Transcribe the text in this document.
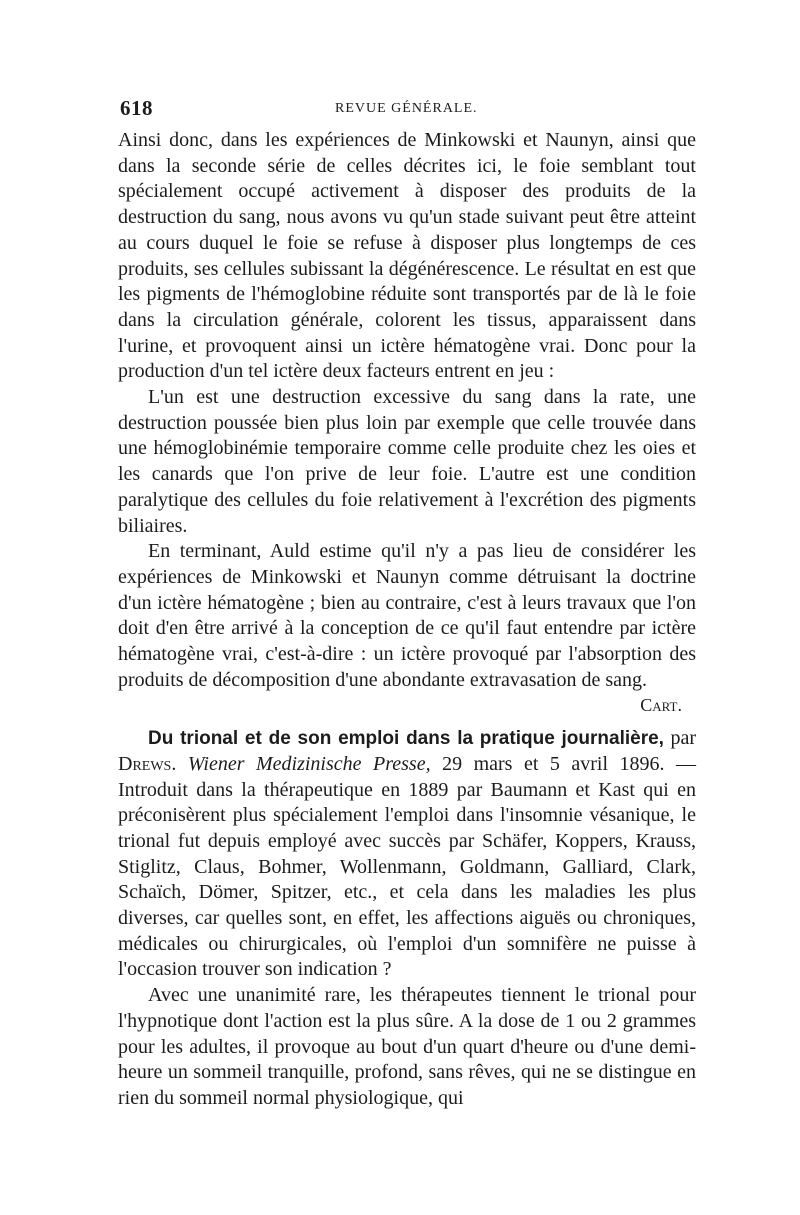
618	REVUE GÉNÉRALE.

Ainsi donc, dans les expériences de Minkowski et Naunyn, ainsi que dans la seconde série de celles décrites ici, le foie semblant tout spécialement occupé activement à disposer des produits de la destruction du sang, nous avons vu qu'un stade suivant peut être atteint au cours duquel le foie se refuse à disposer plus longtemps de ces produits, ses cellules subissant la dégénérescence. Le résultat en est que les pigments de l'hémoglobine réduite sont transportés par de là le foie dans la circulation générale, colorent les tissus, apparaissent dans l'urine, et provoquent ainsi un ictère hématogène vrai. Donc pour la production d'un tel ictère deux facteurs entrent en jeu :

L'un est une destruction excessive du sang dans la rate, une destruction poussée bien plus loin par exemple que celle trouvée dans une hémoglobinémie temporaire comme celle produite chez les oies et les canards que l'on prive de leur foie. L'autre est une condition paralytique des cellules du foie relativement à l'excrétion des pigments biliaires.

En terminant, Auld estime qu'il n'y a pas lieu de considérer les expériences de Minkowski et Naunyn comme détruisant la doctrine d'un ictère hématogène ; bien au contraire, c'est à leurs travaux que l'on doit d'en être arrivé à la conception de ce qu'il faut entendre par ictère hématogène vrai, c'est-à-dire : un ictère provoqué par l'absorption des produits de décomposition d'une abondante extravasation de sang.

Cart.

Du trional et de son emploi dans la pratique journalière, par Drews. Wiener Medizinische Presse, 29 mars et 5 avril 1896. — Introduit dans la thérapeutique en 1889 par Baumann et Kast qui en préconisèrent plus spécialement l'emploi dans l'insomnie vésanique, le trional fut depuis employé avec succès par Schäfer, Koppers, Krauss, Stiglitz, Claus, Bohmer, Wollenmann, Goldmann, Galliard, Clark, Schaïch, Dömer, Spitzer, etc., et cela dans les maladies les plus diverses, car quelles sont, en effet, les affections aiguës ou chroniques, médicales ou chirurgicales, où l'emploi d'un somnifère ne puisse à l'occasion trouver son indication ?

Avec une unanimité rare, les thérapeutes tiennent le trional pour l'hypnotique dont l'action est la plus sûre. A la dose de 1 ou 2 grammes pour les adultes, il provoque au bout d'un quart d'heure ou d'une demi-heure un sommeil tranquille, profond, sans rêves, qui ne se distingue en rien du sommeil normal physiologique, qui
